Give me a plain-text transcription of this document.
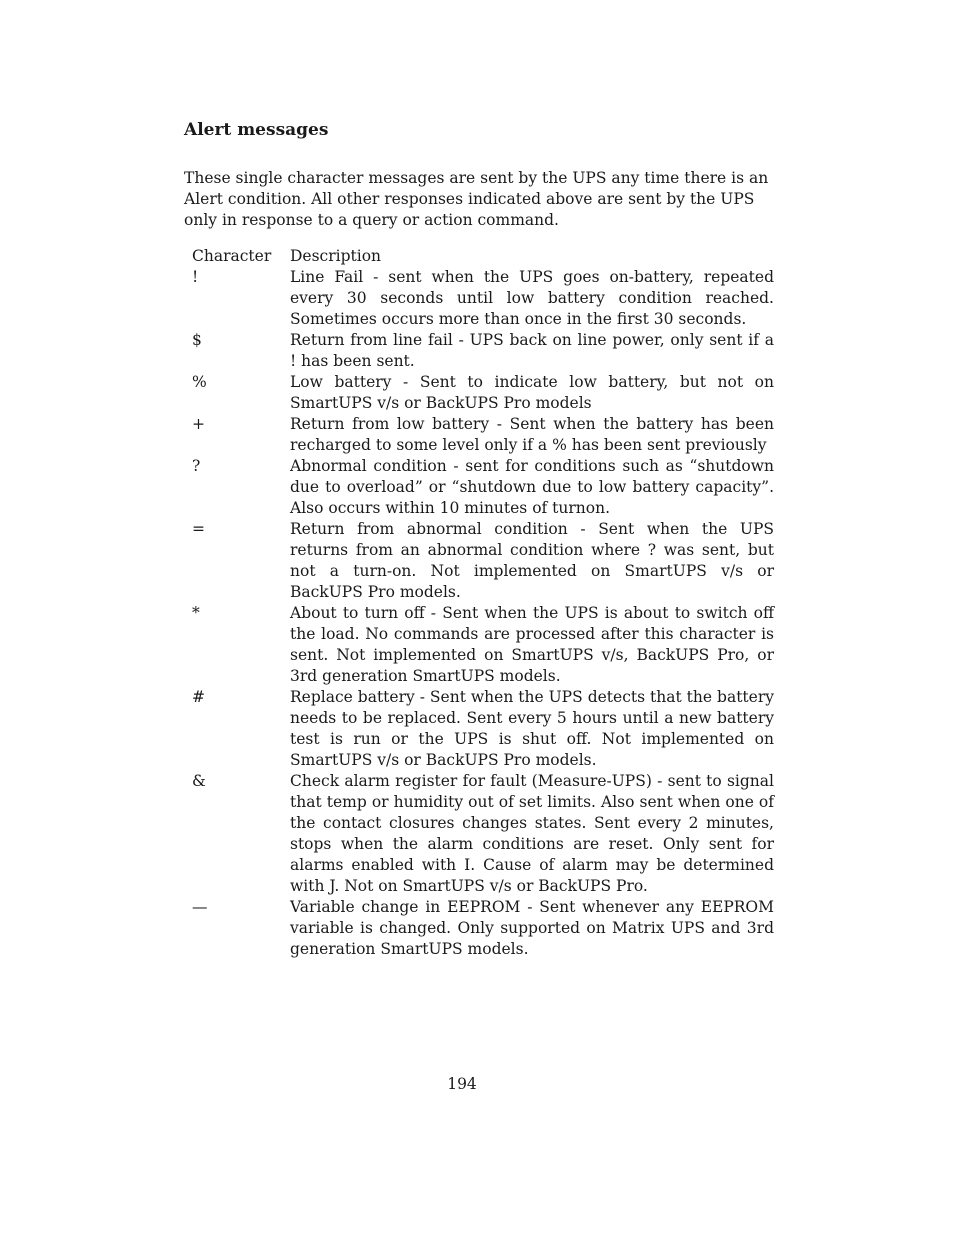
Alert messages

These single character messages are sent by the UPS any time there is an Alert condition. All other responses indicated above are sent by the UPS only in response to a query or action command.

Character	Description
!	Line Fail - sent when the UPS goes on-battery, repeated every 30 seconds until low battery condition reached. Sometimes occurs more than once in the first 30 seconds.
$	Return from line fail - UPS back on line power, only sent if a ! has been sent.
%	Low battery - Sent to indicate low battery, but not on SmartUPS v/s or BackUPS Pro models
+	Return from low battery - Sent when the battery has been recharged to some level only if a % has been sent previously
?	Abnormal condition - sent for conditions such as “shutdown due to overload” or “shutdown due to low battery capacity”. Also occurs within 10 minutes of turnon.
=	Return from abnormal condition - Sent when the UPS returns from an abnormal condition where ? was sent, but not a turn-on. Not implemented on SmartUPS v/s or BackUPS Pro models.
*	About to turn off - Sent when the UPS is about to switch off the load. No commands are processed after this character is sent. Not implemented on SmartUPS v/s, BackUPS Pro, or 3rd generation SmartUPS models.
#	Replace battery - Sent when the UPS detects that the battery needs to be replaced. Sent every 5 hours until a new battery test is run or the UPS is shut off. Not implemented on SmartUPS v/s or BackUPS Pro models.
&	Check alarm register for fault (Measure-UPS) - sent to signal that temp or humidity out of set limits. Also sent when one of the contact closures changes states. Sent every 2 minutes, stops when the alarm conditions are reset. Only sent for alarms enabled with I. Cause of alarm may be determined with J. Not on SmartUPS v/s or BackUPS Pro.
—	Variable change in EEPROM - Sent whenever any EEPROM variable is changed. Only supported on Matrix UPS and 3rd generation SmartUPS models.
194
